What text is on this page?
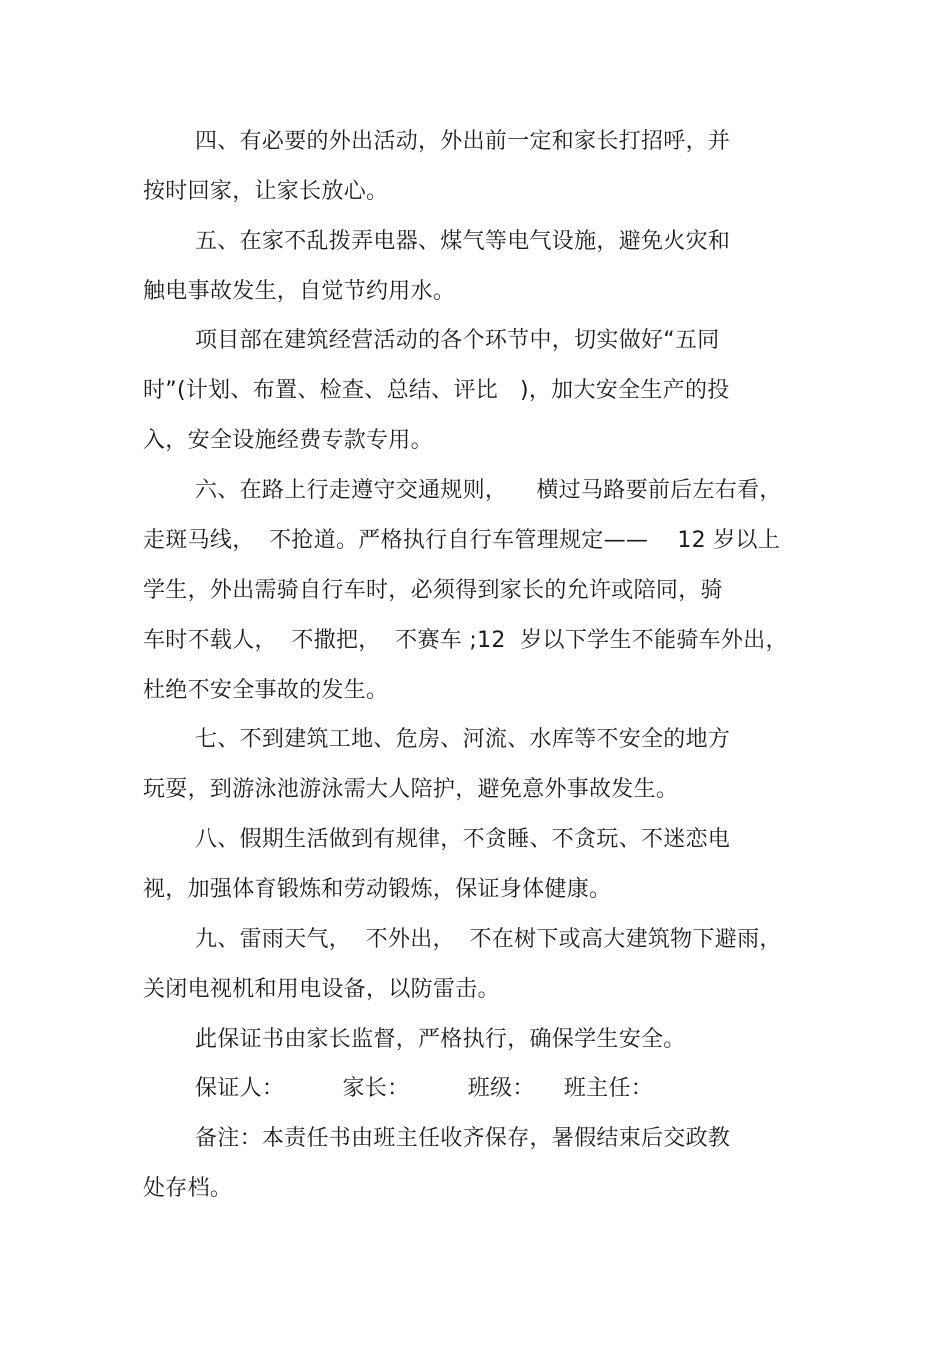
四、有必要的外出活动，外出前一定和家长打招呼，并
按时回家，让家长放心。
五、在家不乱拨弄电器、煤气等电气设施，避免火灾和
触电事故发生，自觉节约用水。
项目部在建筑经营活动的各个环节中，切实做好“五同
时”(计划、布置、检查、总结、评比   )，加大安全生产的投
入，安全设施经费专款专用。
六、在路上行走遵守交通规则，    横过马路要前后左右看，
走斑马线，  不抢道。严格执行自行车管理规定——    12 岁以上
学生，外出需骑自行车时，必须得到家长的允许或陪同，骑
车时不载人，  不撒把，  不赛车 ;12  岁以下学生不能骑车外出，
杜绝不安全事故的发生。
七、不到建筑工地、危房、河流、水库等不安全的地方
玩耍，到游泳池游泳需大人陪护，避免意外事故发生。
八、假期生活做到有规律，不贪睡、不贪玩、不迷恋电
视，加强体育锻炼和劳动锻炼，保证身体健康。
九、雷雨天气，  不外出，  不在树下或高大建筑物下避雨，
关闭电视机和用电设备，以防雷击。
此保证书由家长监督，严格执行，确保学生安全。
保证人：        家长：        班级：    班主任：
备注：本责任书由班主任收齐保存，暑假结束后交政教
处存档。
